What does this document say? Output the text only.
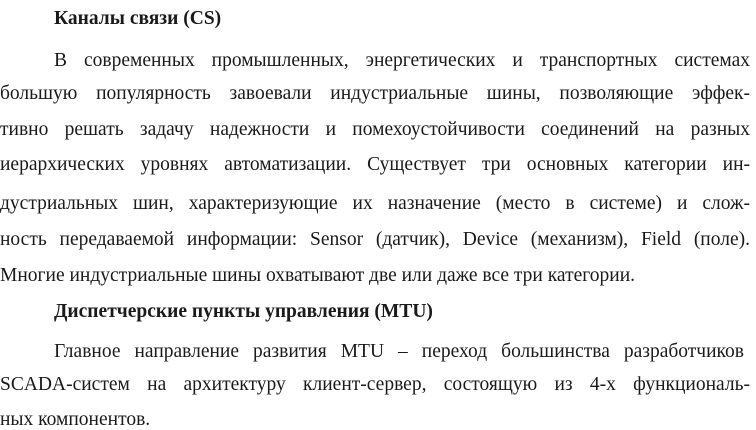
Каналы связи (CS)
В современных промышленных, энергетических и транспортных системах
большую популярность завоевали индустриальные шины, позволяющие эффек-
тивно решать задачу надежности и помехоустойчивости соединений на разных
иерархических уровнях автоматизации. Существует три основных категории ин-
дустриальных шин, характеризующие их назначение (место в системе) и слож-
ность передаваемой информации: Sensor (датчик), Device (механизм), Field (поле).
Многие индустриальные шины охватывают две или даже все три категории.
Диспетчерские пункты управления (MTU)
Главное направление развития MTU – переход большинства разработчиков
SCADA-систем на архитектуру клиент-сервер, состоящую из 4-х функциональ-
ных компонентов.
